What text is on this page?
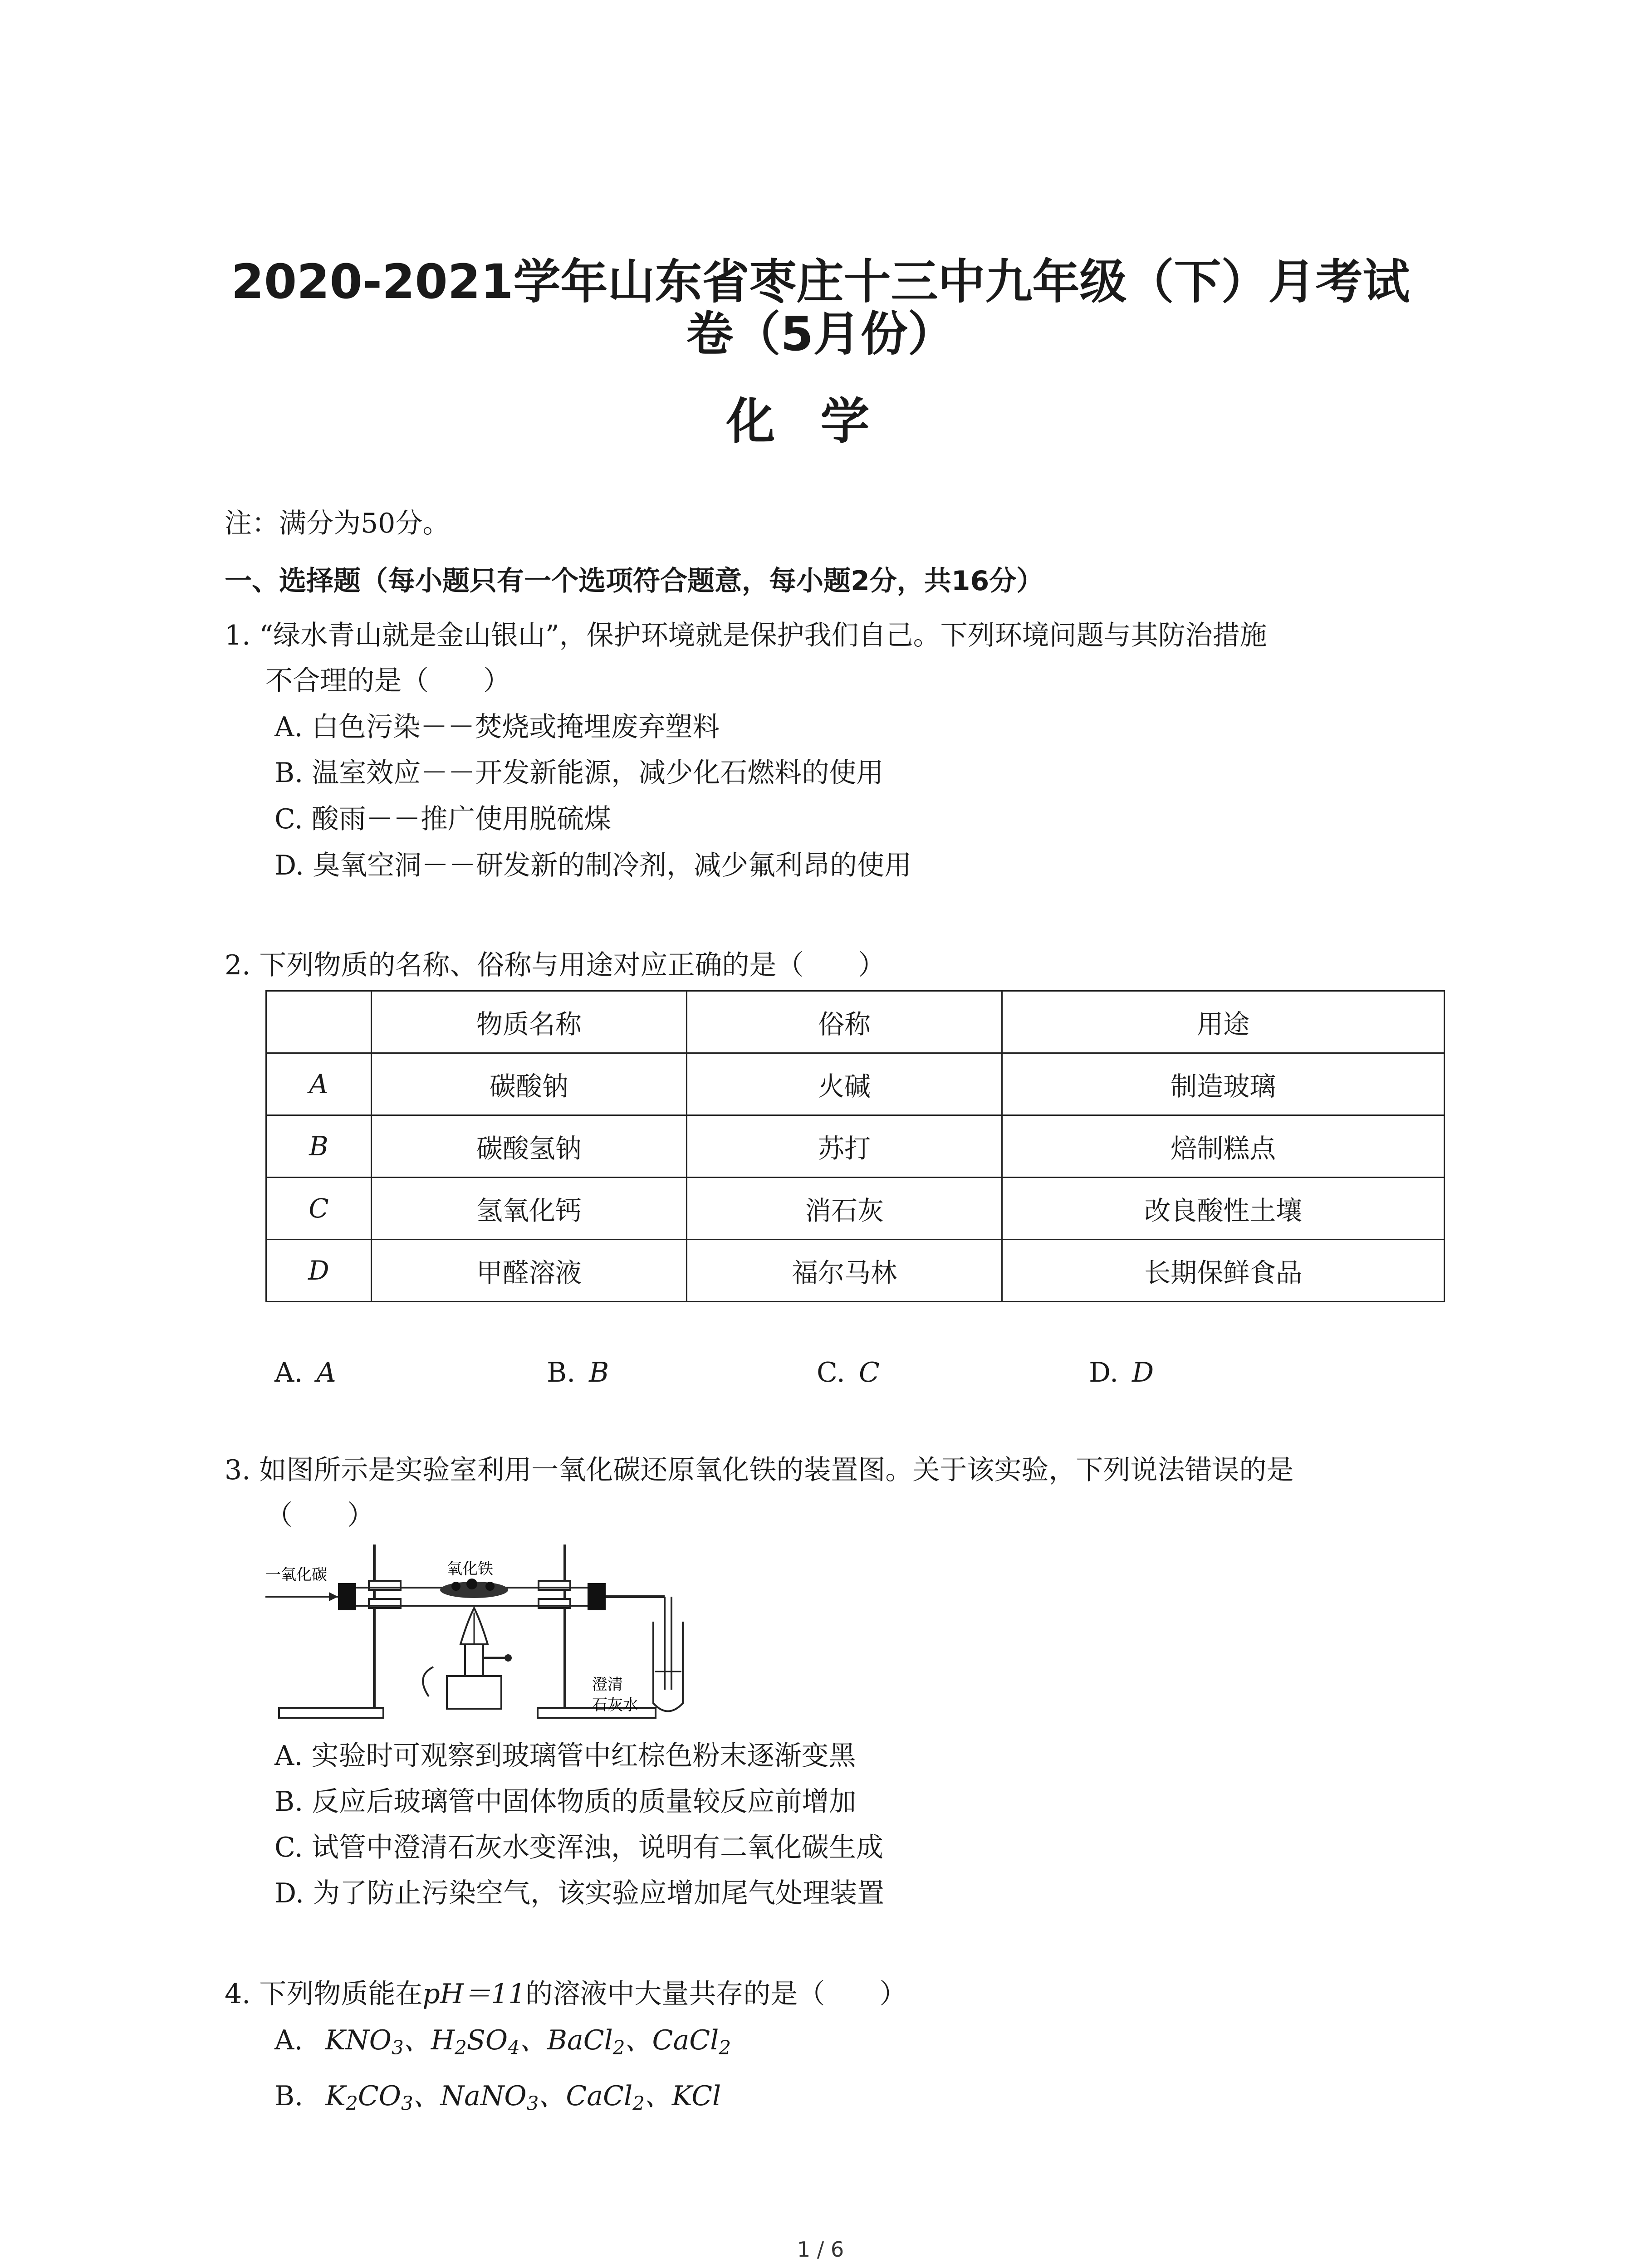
2020-2021学年山东省枣庄十三中九年级（下）月考试
卷（5月份）
化学
注：满分为50分。
一、选择题（每小题只有一个选项符合题意，每小题2分，共16分）
1. “绿水青山就是金山银山”，保护环境就是保护我们自己。下列环境问题与其防治措施
不合理的是（　　）
A. 白色污染－－焚烧或掩埋废弃塑料
B. 温室效应－－开发新能源，减少化石燃料的使用
C. 酸雨－－推广使用脱硫煤
D. 臭氧空洞－－研发新的制冷剂，减少氟利昂的使用
2. 下列物质的名称、俗称与用途对应正确的是（　　）
	物质名称	俗称	用途
A	碳酸钠	火碱	制造玻璃
B	碳酸氢钠	苏打	焙制糕点
C	氢氧化钙	消石灰	改良酸性土壤
D	甲醛溶液	福尔马林	长期保鲜食品
A. A	B. B	C. C	D. D
3. 如图所示是实验室利用一氧化碳还原氧化铁的装置图。关于该实验，下列说法错误的是
（　　）
一氧化碳	氧化铁
澄清
石灰水
A. 实验时可观察到玻璃管中红棕色粉末逐渐变黑
B. 反应后玻璃管中固体物质的质量较反应前增加
C. 试管中澄清石灰水变浑浊，说明有二氧化碳生成
D. 为了防止污染空气，该实验应增加尾气处理装置
4. 下列物质能在pH＝11的溶液中大量共存的是（　　）
A. $KNO_3$、$H_2SO_4$、BaCl$_2$、CaCl$_2$
B. $K_2CO_3$、NaNO$_3$、CaCl$_2$、KCl
1 / 6
